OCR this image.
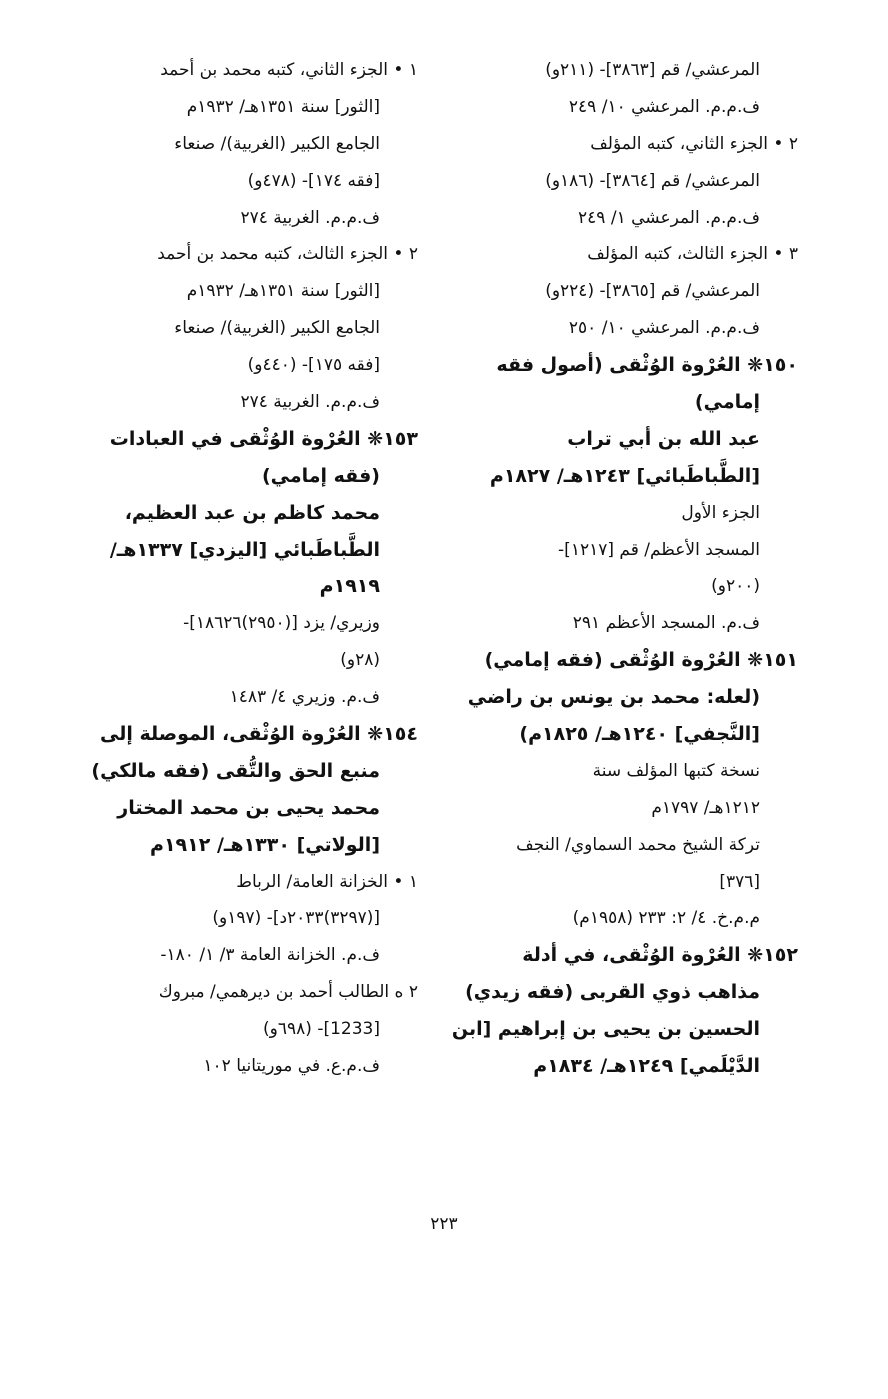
المرعشي/ قم [٣٨٦٣]- (٢١١و)
ف.م.م. المرعشي ١٠/ ٢٤٩
٢ • الجزء الثاني، كتبه المؤلف
المرعشي/ قم [٣٨٦٤]- (١٨٦و)
ف.م.م. المرعشي ١/ ٢٤٩
٣ • الجزء الثالث، كتبه المؤلف
المرعشي/ قم [٣٨٦٥]- (٢٢٤و)
ف.م.م. المرعشي ١٠/ ٢٥٠
١٥٠❋ العُرْوة الوُثْقى (أصول فقه
إمامي)
عبد الله بن أبي تراب
[الطَّباطَبائي] ١٢٤٣هـ/ ١٨٢٧م
الجزء الأول
المسجد الأعظم/ قم [١٢١٧]-
(٢٠٠و)
ف.م. المسجد الأعظم ٢٩١
١٥١❋ العُرْوة الوُثْقى (فقه إمامي)
(لعله: محمد بن يونس بن راضي
[النَّجفي] ١٢٤٠هـ/ ١٨٢٥م)
نسخة كتبها المؤلف سنة
١٢١٢هـ/ ١٧٩٧م
تركة الشيخ محمد السماوي/ النجف
[٣٧٦]
م.م.خ. ٤/ ٢: ٢٣٣ (١٩٥٨م)
١٥٢❋ العُرْوة الوُثْقى، في أدلة
مذاهب ذوي القربى (فقه زيدي)
الحسين بن يحيى بن إبراهيم [ابن
الدَّيْلَمي] ١٢٤٩هـ/ ١٨٣٤م
١ • الجزء الثاني، كتبه محمد بن أحمد
[الثور] سنة ١٣٥١هـ/ ١٩٣٢م
الجامع الكبير (الغربية)/ صنعاء
[فقه ١٧٤]- (٤٧٨و)
ف.م.م. الغربية ٢٧٤
٢ • الجزء الثالث، كتبه محمد بن أحمد
[الثور] سنة ١٣٥١هـ/ ١٩٣٢م
الجامع الكبير (الغربية)/ صنعاء
[فقه ١٧٥]- (٤٤٠و)
ف.م.م. الغربية ٢٧٤
١٥٣❋ العُرْوة الوُثْقى في العبادات
(فقه إمامي)
محمد كاظم بن عبد العظيم،
الطَّباطَبائي [اليزدي] ١٣٣٧هـ/
١٩١٩م
وزيري/ يزد [(٢٩٥٠)١٨٦٢٦]-
(٢٨و)
ف.م. وزيري ٤/ ١٤٨٣
١٥٤❋ العُرْوة الوُثْقى، الموصلة إلى
منبع الحق والتُّقى (فقه مالكي)
محمد يحيى بن محمد المختار
[الولاتي] ١٣٣٠هـ/ ١٩١٢م
١ • الخزانة العامة/ الرباط
[(٣٢٩٧)٢٠٣٣د]- (١٩٧و)
ف.م. الخزانة العامة ٣/ ١/ ١٨٠-
٢ ه الطالب أحمد بن ديرهمي/ مبروك
[1233]- (٦٩٨و)
ف.م.ع. في موريتانيا ١٠٢
٢٢٣
